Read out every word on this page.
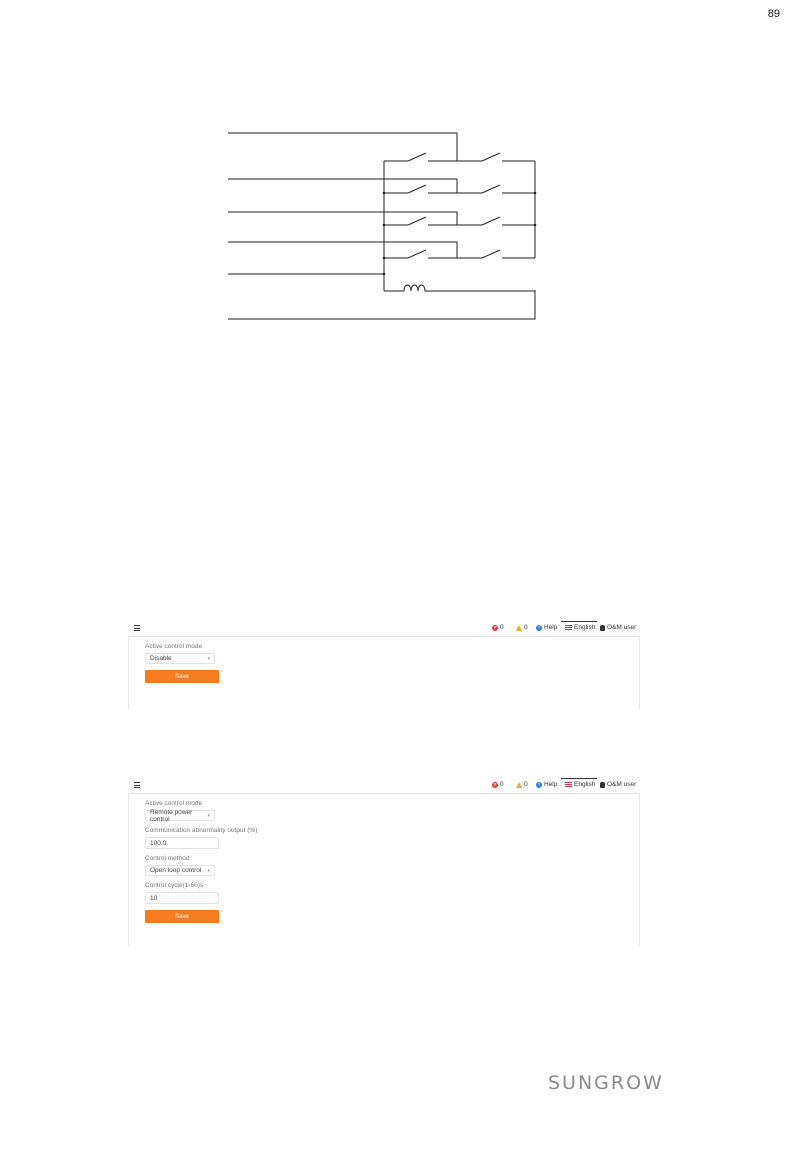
89
✕ 0	0	? Help	English O&M user
Active control mode
Disable	▾
Save
✕ 0	0	? Help	English O&M user
Active control mode
Remote power control	▾
Communication abnormality output (%)
100.0
Control method
Open loop control ▾
Control cycle(1-60)s
10
Save
SUNGROW
